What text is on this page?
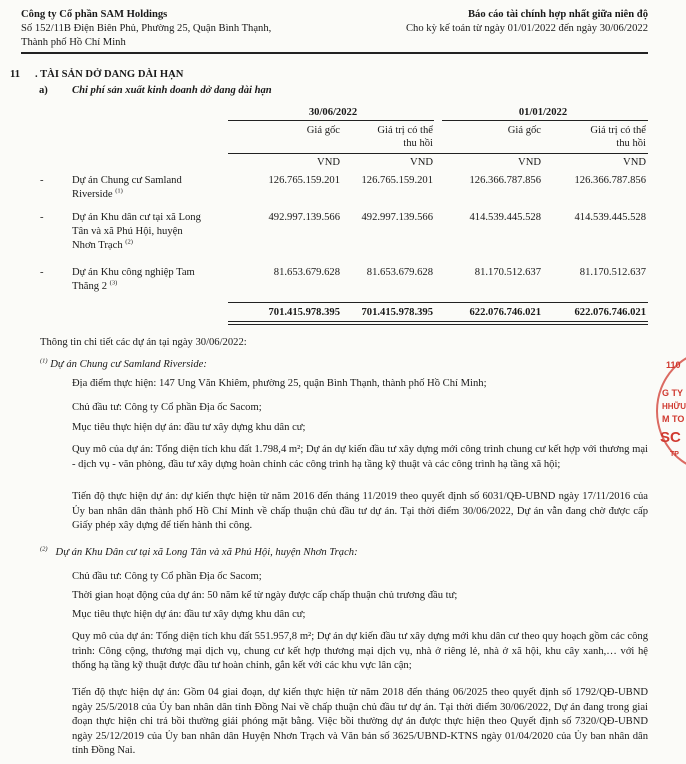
Công ty Cổ phần SAM Holdings
Số 152/11B Điện Biên Phủ, Phường 25, Quận Bình Thạnh,
Thành phố Hồ Chí Minh
Báo cáo tài chính hợp nhất giữa niên độ
Cho kỳ kế toán từ ngày 01/01/2022 đến ngày 30/06/2022
11 . TÀI SẢN DỞ DANG DÀI HẠN
a) Chi phí sản xuất kinh doanh dở dang dài hạn
30/06/2022	01/01/2022
Giá gốc	Giá trị có thể
thu hồi
Giá gốc	Giá trị có thể
thu hồi
VND	VND	VND	VND
-	Dự án Chung cư Samland
Riverside $^{(1)}$
126.765.159.201 126.765.159.201	126.366.787.856	126.366.787.856
-	Dự án Khu dân cư tại xã Long
Tân và xã Phú Hội, huyện
Nhơn Trạch $^{(2)}$
492.997.139.566 492.997.139.566	414.539.445.528	414.539.445.528
-	Dự án Khu công nghiệp Tam
Thăng 2 $^{(3)}$
81.653.679.628	81.653.679.628	81.170.512.637	81.170.512.637
701.415.978.395 701.415.978.395	622.076.746.021	622.076.746.021
Thông tin chi tiết các dự án tại ngày 30/06/2022:
$^{(1)}$ Dự án Chung cư Samland Riverside:
Địa điểm thực hiện: 147 Ung Văn Khiêm, phường 25, quận Bình Thạnh, thành phố Hồ Chí Minh;
Chủ đầu tư: Công ty Cổ phần Địa ốc Sacom;
Mục tiêu thực hiện dự án: đầu tư xây dựng khu dân cư;
Quy mô của dự án: Tổng diện tích khu đất 1.798,4 m²; Dự án dự kiến đầu tư xây dựng mới công trình chung cư kết hợp với thương mại - dịch vụ - văn phòng, đầu tư xây dựng hoàn chỉnh các công trình hạ tầng kỹ thuật và các công trình hạ tầng xã hội;
Tiến độ thực hiện dự án: dự kiến thực hiện từ năm 2016 đến tháng 11/2019 theo quyết định số 6031/QĐ-UBND ngày 17/11/2016 của Ủy ban nhân dân thành phố Hồ Chí Minh về chấp thuận chủ đầu tư dự án. Tại thời điểm 30/06/2022, Dự án vẫn đang chờ được cấp Giấy phép xây dựng để tiến hành thi công.
$^{(2)}$ Dự án Khu Dân cư tại xã Long Tân và xã Phú Hội, huyện Nhơn Trạch:
Chủ đầu tư: Công ty Cổ phần Địa ốc Sacom;
Thời gian hoạt động của dự án: 50 năm kể từ ngày được cấp chấp thuận chủ trương đầu tư;
Mục tiêu thực hiện dự án: đầu tư xây dựng khu dân cư;
Quy mô của dự án: Tổng diện tích khu đất 551.957,8 m²; Dự án dự kiến đầu tư xây dựng mới khu dân cư theo quy hoạch gồm các công trình: Công cộng, thương mại dịch vụ, chung cư kết hợp thương mại dịch vụ, nhà ở riêng lẻ, nhà ở xã hội, khu cây xanh,… với hệ thống hạ tầng kỹ thuật được đầu tư hoàn chỉnh, gắn kết với các khu vực lân cận;
Tiến độ thực hiện dự án: Gồm 04 giai đoạn, dự kiến thực hiện từ năm 2018 đến tháng 06/2025 theo quyết định số 1792/QĐ-UBND ngày 25/5/2018 của Ủy ban nhân dân tỉnh Đồng Nai về chấp thuận chủ đầu tư dự án. Tại thời điểm 30/06/2022, Dự án đang trong giai đoạn thực hiện chi trả bồi thường giải phóng mặt bằng. Việc bồi thường dự án được thực hiện theo Quyết định số 7320/QĐ-UBND ngày 25/12/2019 của Ủy ban nhân dân Huyện Nhơn Trạch và Văn bản số 3625/UBND-KTNS ngày 01/04/2020 của Ủy ban nhân dân tỉnh Đồng Nai.
110
G TY
HHỮU
M TO
SC
TP
